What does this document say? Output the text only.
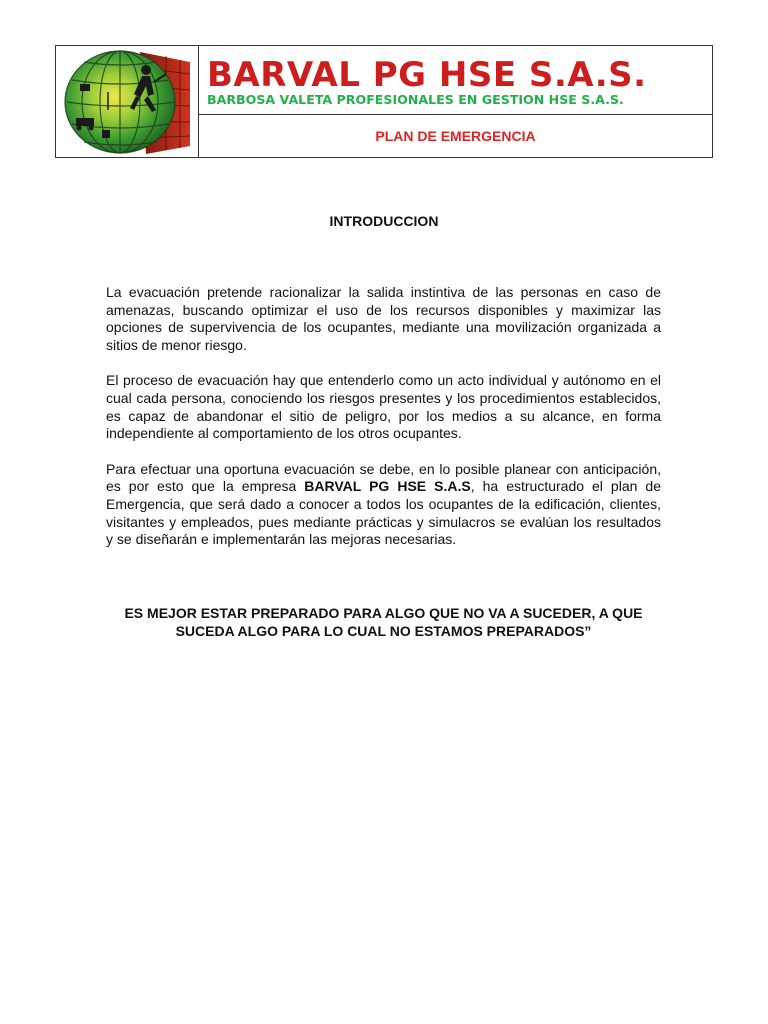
BARVAL PG HSE S.A.S.
BARBOSA VALETA PROFESIONALES EN GESTION HSE S.A.S.
PLAN DE EMERGENCIA
INTRODUCCION

La evacuación pretende racionalizar la salida instintiva de las personas en caso de amenazas, buscando optimizar el uso de los recursos disponibles y maximizar las opciones de supervivencia de los ocupantes, mediante una movilización organizada a sitios de menor riesgo.

El proceso de evacuación hay que entenderlo como un acto individual y autónomo en el cual cada persona, conociendo los riesgos presentes y los procedimientos establecidos, es capaz de abandonar el sitio de peligro, por los medios a su alcance, en forma independiente al comportamiento de los otros ocupantes.

Para efectuar una oportuna evacuación se debe, en lo posible planear con anticipación, es por esto que la empresa BARVAL PG HSE S.A.S, ha estructurado el plan de Emergencia, que será dado a conocer a todos los ocupantes de la edificación, clientes, visitantes y empleados, pues mediante prácticas y simulacros se evalúan los resultados y se diseñarán e implementarán las mejoras necesarias.

ES MEJOR ESTAR PREPARADO PARA ALGO QUE NO VA A SUCEDER, A QUE SUCEDA ALGO PARA LO CUAL NO ESTAMOS PREPARADOS”
